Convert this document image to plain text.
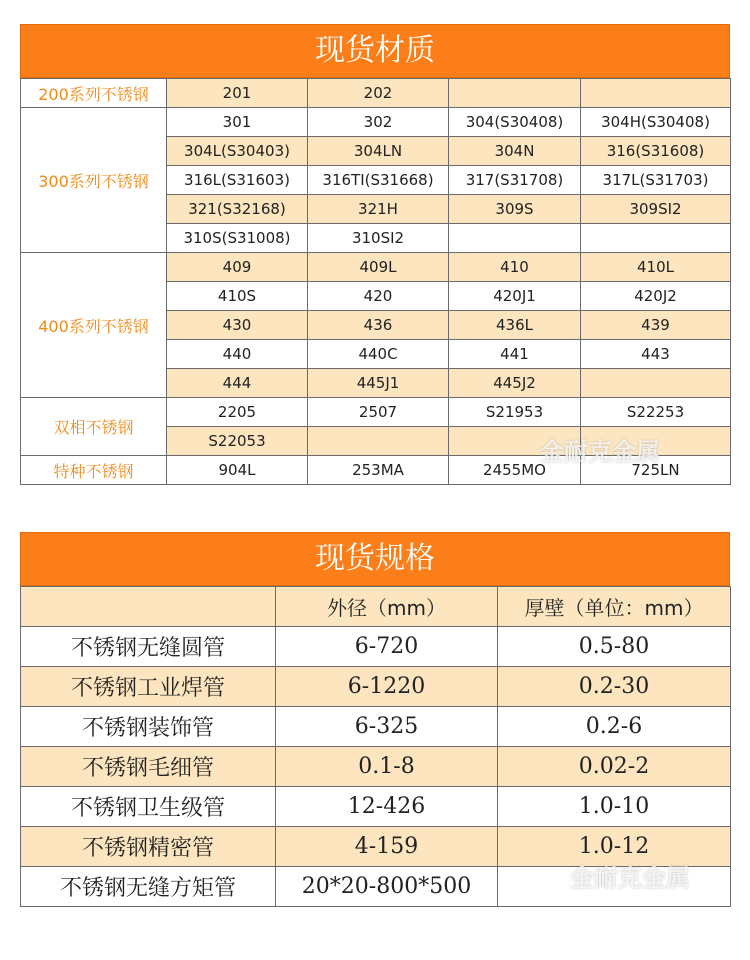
现货材质
200系列不锈钢	201	202		
300系列不锈钢	301	302	304(S30408)	304H(S30408)
	304L(S30403)	304LN	304N	316(S31608)
	316L(S31603)	316TI(S31668)	317(S31708)	317L(S31703)
	321(S32168)	321H	309S	309SI2
	310S(S31008)	310SI2		
400系列不锈钢	409	409L	410	410L
	410S	420	420J1	420J2
	430	436	436L	439
	440	440C	441	443
	444	445J1	445J2	
双相不锈钢	2205	2507	S21953	S22253
	S22053			
特种不锈钢	904L	253MA	2455MO	725LN
金耐克金属
现货规格
	外径（mm）	厚壁（单位：mm）
不锈钢无缝圆管	6-720	0.5-80
不锈钢工业焊管	6-1220	0.2-30
不锈钢装饰管	6-325	0.2-6
不锈钢毛细管	0.1-8	0.02-2
不锈钢卫生级管	12-426	1.0-10
不锈钢精密管	4-159	1.0-12
不锈钢无缝方矩管	20*20-800*500		金耐克金属
